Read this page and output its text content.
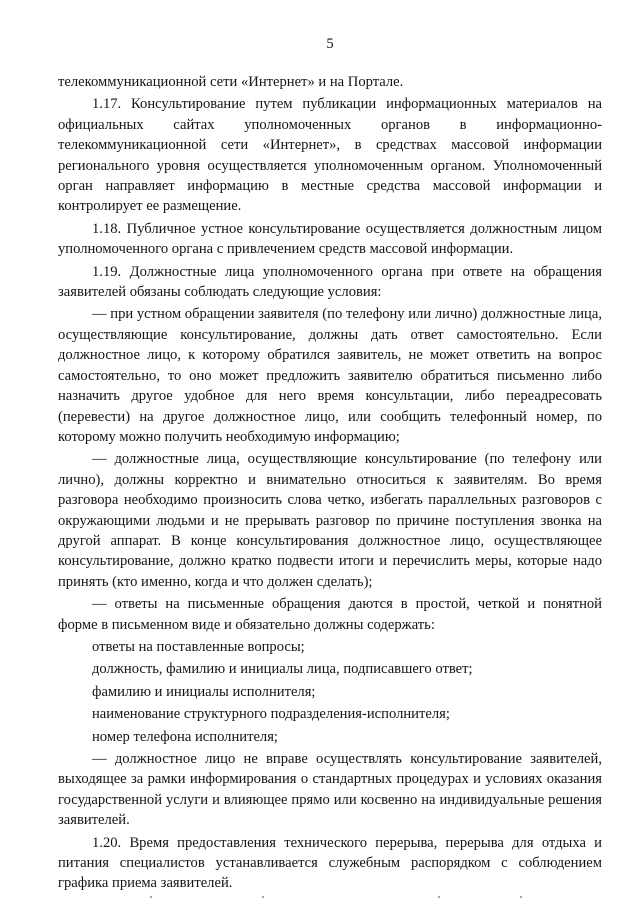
5

телекоммуникационной сети «Интернет» и на Портале.

1.17. Консультирование путем публикации информационных материалов на официальных сайтах уполномоченных органов в информационно-телекоммуникационной сети «Интернет», в средствах массовой информации регионального уровня осуществляется уполномоченным органом. Уполномоченный орган направляет информацию в местные средства массовой информации и контролирует ее размещение.

1.18. Публичное устное консультирование осуществляется должностным лицом уполномоченного органа с привлечением средств массовой информации.

1.19. Должностные лица уполномоченного органа при ответе на обращения заявителей обязаны соблюдать следующие условия:

— при устном обращении заявителя (по телефону или лично) должностные лица, осуществляющие консультирование, должны дать ответ самостоятельно. Если должностное лицо, к которому обратился заявитель, не может ответить на вопрос самостоятельно, то оно может предложить заявителю обратиться письменно либо назначить другое удобное для него время консультации, либо переадресовать (перевести) на другое должностное лицо, или сообщить телефонный номер, по которому можно получить необходимую информацию;

— должностные лица, осуществляющие консультирование (по телефону или лично), должны корректно и внимательно относиться к заявителям. Во время разговора необходимо произносить слова четко, избегать параллельных разговоров с окружающими людьми и не прерывать разговор по причине поступления звонка на другой аппарат. В конце консультирования должностное лицо, осуществляющее консультирование, должно кратко подвести итоги и перечислить меры, которые надо принять (кто именно, когда и что должен сделать);

— ответы на письменные обращения даются в простой, четкой и понятной форме в письменном виде и обязательно должны содержать:

ответы на поставленные вопросы;

должность, фамилию и инициалы лица, подписавшего ответ;

фамилию и инициалы исполнителя;

наименование структурного подразделения-исполнителя;

номер телефона исполнителя;

— должностное лицо не вправе осуществлять консультирование заявителей, выходящее за рамки информирования о стандартных процедурах и условиях оказания государственной услуги и влияющее прямо или косвенно на индивидуальные решения заявителей.

1.20. Время предоставления технического перерыва, перерыва для отдыха и питания специалистов устанавливается служебным распорядком с соблюдением графика приема заявителей.
